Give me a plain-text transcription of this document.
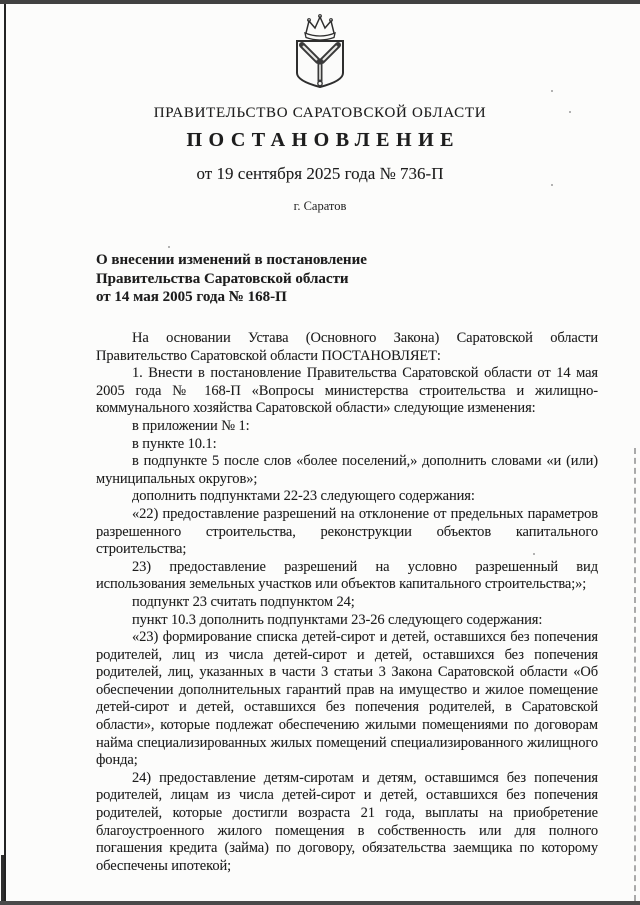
ПРАВИТЕЛЬСТВО САРАТОВСКОЙ ОБЛАСТИ
ПОСТАНОВЛЕНИЕ
от 19 сентября 2025 года № 736-П
г. Саратов
О внесении изменений в постановление
Правительства Саратовской области
от 14 мая 2005 года № 168-П

На основании Устава (Основного Закона) Саратовской области Правительство Саратовской области ПОСТАНОВЛЯЕТ:

1. Внести в постановление Правительства Саратовской области от 14 мая 2005 года № 168-П «Вопросы министерства строительства и жилищно-коммунального хозяйства Саратовской области» следующие изменения:

в приложении № 1:

в пункте 10.1:

в подпункте 5 после слов «более поселений,» дополнить словами «и (или) муниципальных округов»;

дополнить подпунктами 22-23 следующего содержания:

«22) предоставление разрешений на отклонение от предельных параметров разрешенного строительства, реконструкции объектов капитального строительства;

23) предоставление разрешений на условно разрешенный вид использования земельных участков или объектов капитального строительства;»;

подпункт 23 считать подпунктом 24;

пункт 10.3 дополнить подпунктами 23-26 следующего содержания:

«23) формирование списка детей-сирот и детей, оставшихся без попечения родителей, лиц из числа детей-сирот и детей, оставшихся без попечения родителей, лиц, указанных в части 3 статьи 3 Закона Саратовской области «Об обеспечении дополнительных гарантий прав на имущество и жилое помещение детей-сирот и детей, оставшихся без попечения родителей, в Саратовской области», которые подлежат обеспечению жилыми помещениями по договорам найма специализированных жилых помещений специализированного жилищного фонда;

24) предоставление детям-сиротам и детям, оставшимся без попечения родителей, лицам из числа детей-сирот и детей, оставшихся без попечения родителей, которые достигли возраста 21 года, выплаты на приобретение благоустроенного жилого помещения в собственность или для полного погашения кредита (займа) по договору, обязательства заемщика по которому обеспечены ипотекой;
